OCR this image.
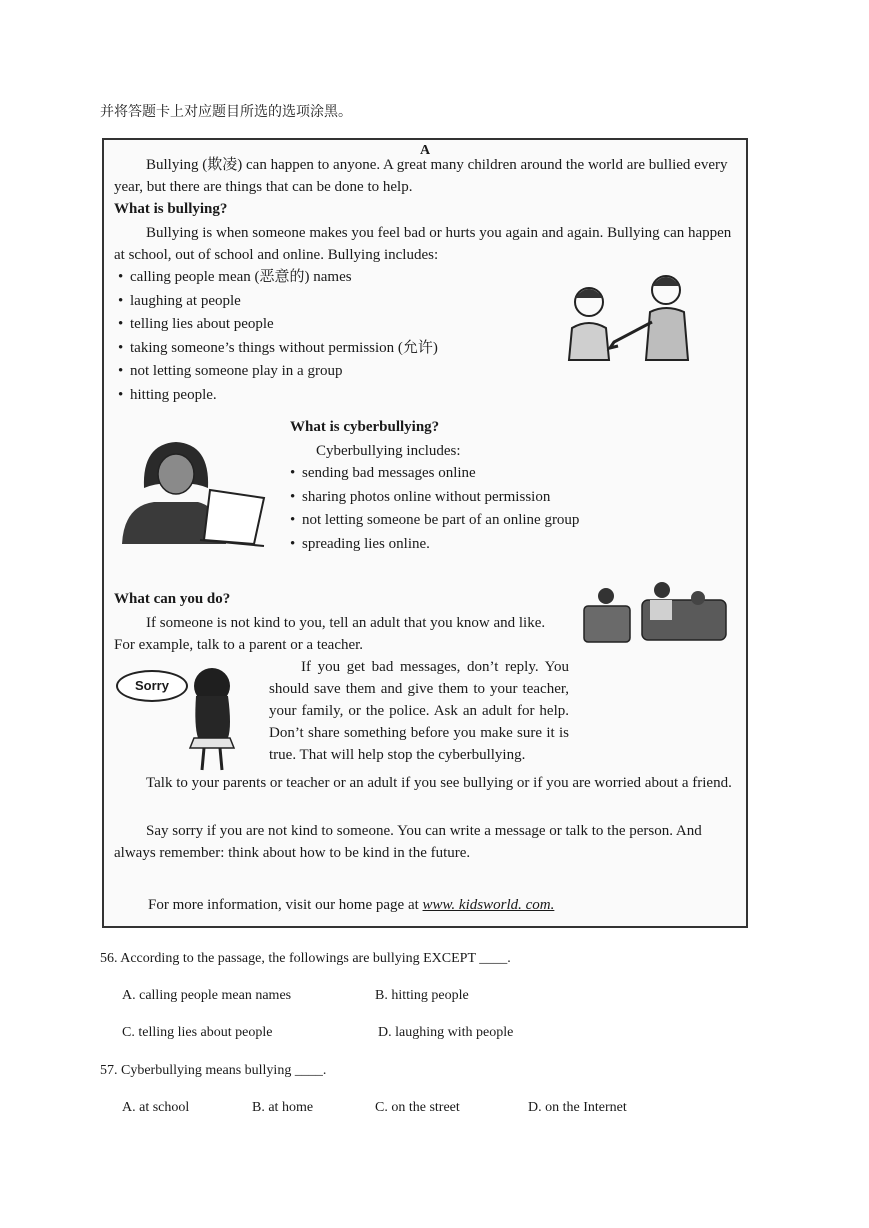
并将答题卡上对应题目所选的选项涂黑。
A
Bullying (欺凌) can happen to anyone. A great many children around the world are bullied every year, but there are things that can be done to help.
What is bullying?
Bullying is when someone makes you feel bad or hurts you again and again. Bullying can happen at school, out of school and online. Bullying includes:
• calling people mean (恶意的) names
• laughing at people
• telling lies about people
• taking someone’s things without permission (允许)
• not letting someone play in a group
• hitting people.
What is cyberbullying?
Cyberbullying includes:
• sending bad messages online
• sharing photos online without permission
• not letting someone be part of an online group
• spreading lies online.
What can you do?
If someone is not kind to you, tell an adult that you know and like. For example, talk to a parent or a teacher.
Sorry
If you get bad messages, don’t reply. You should save them and give them to your teacher, your family, or the police. Ask an adult for help. Don’t share something before you make sure it is true. That will help stop the cyberbullying.
Talk to your parents or teacher or an adult if you see bullying or if you are worried about a friend.
Say sorry if you are not kind to someone. You can write a message or talk to the person. And always remember: think about how to be kind in the future.
For more information, visit our home page at www. kidsworld. com.
56. According to the passage, the followings are bullying EXCEPT ____.
A. calling people mean names	B. hitting people
C. telling lies about people	D. laughing with people
57. Cyberbullying means bullying ____.
A. at school	B. at home	C. on the street	D. on the Internet
